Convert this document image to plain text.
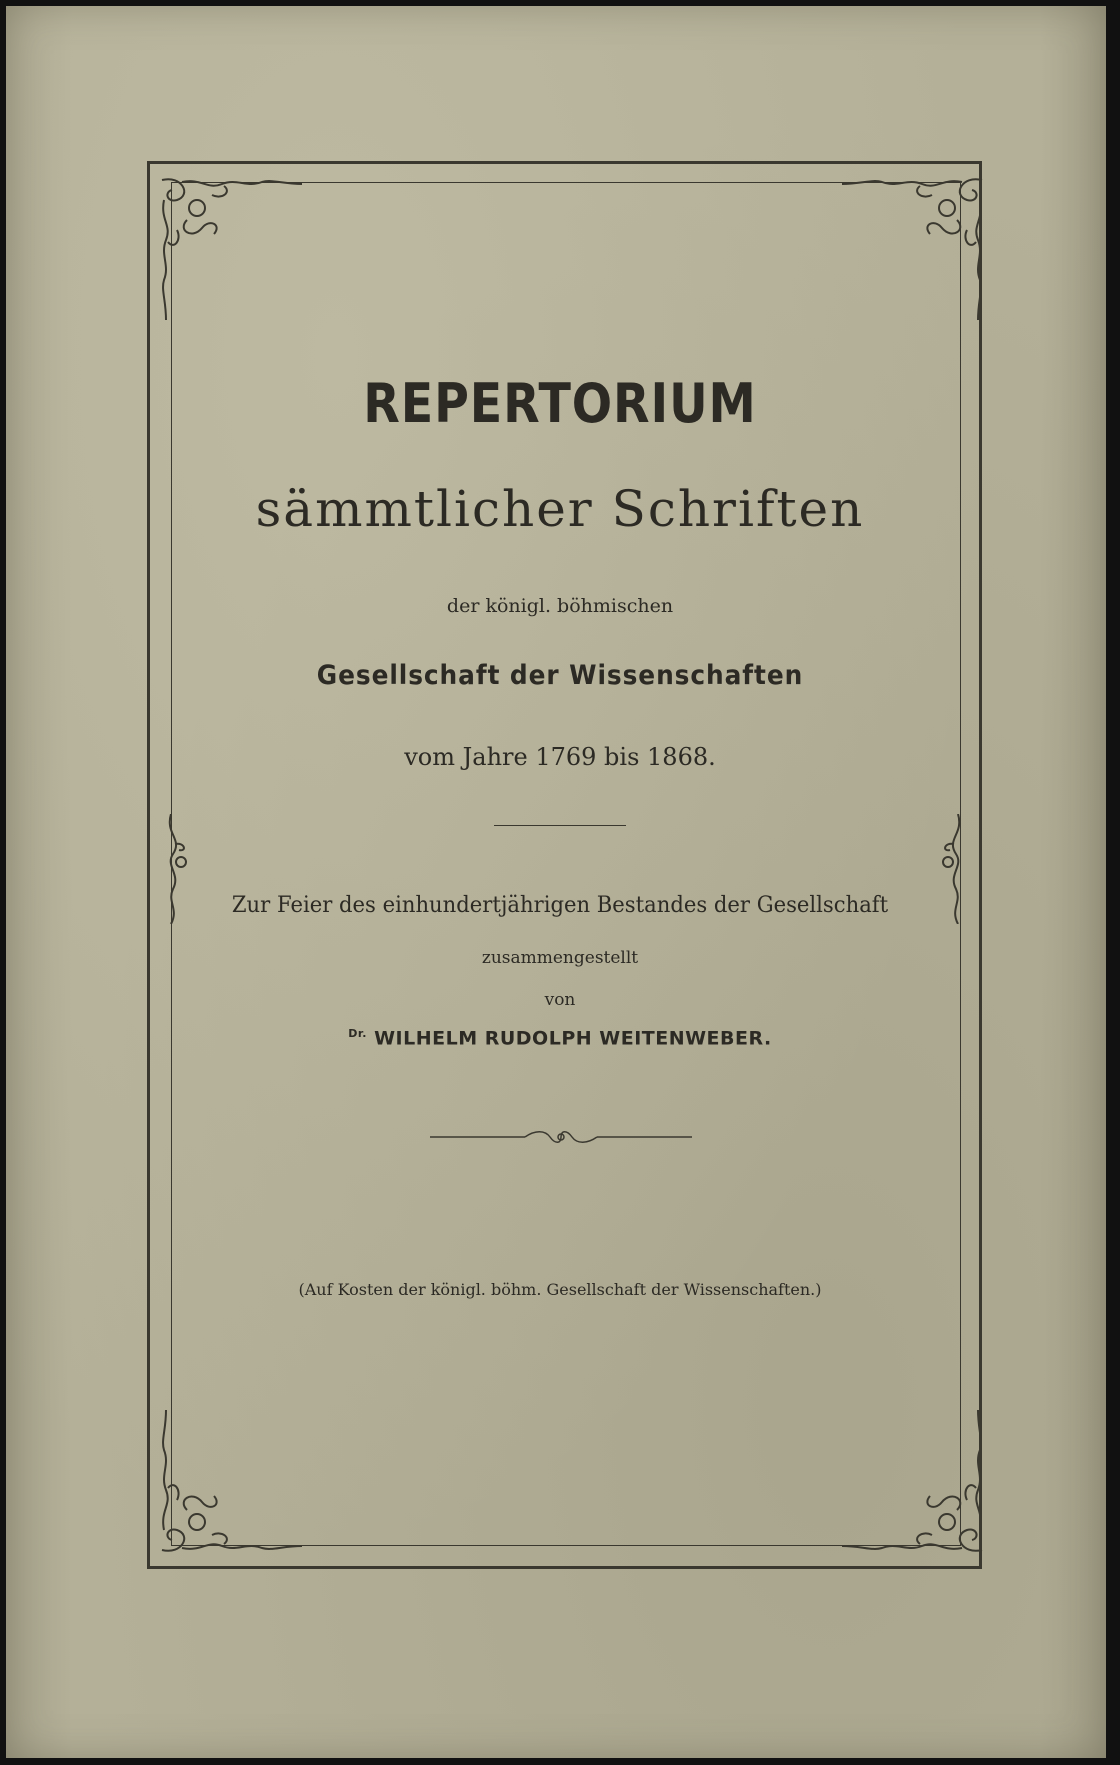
REPERTORIUM
sämmtlicher Schriften
der königl. böhmischen
Gesellschaft der Wissenschaften
vom Jahre 1769 bis 1868.
Zur Feier des einhundertjährigen Bestandes der Gesellschaft
zusammengestellt
von
$^{Dr.}$ WILHELM RUDOLPH WEITENWEBER.
(Auf Kosten der königl. böhm. Gesellschaft der Wissenschaften.)
